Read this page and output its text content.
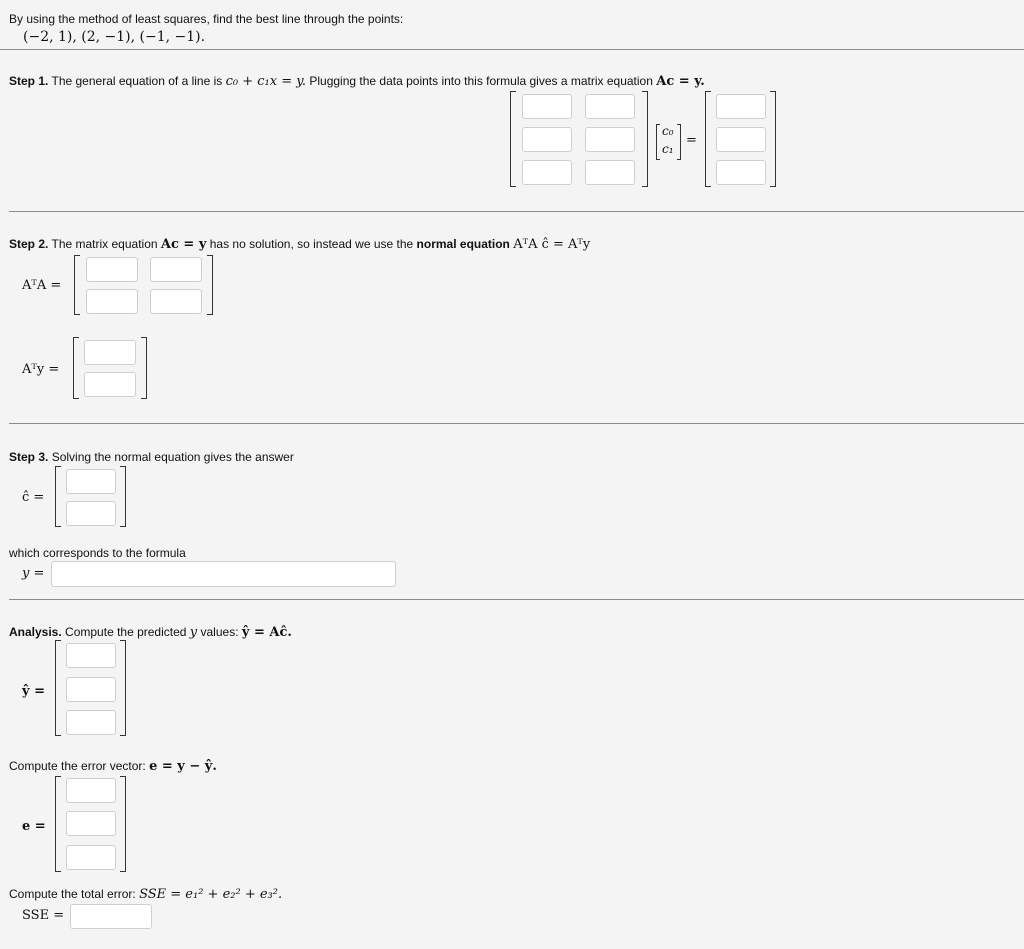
By using the method of least squares, find the best line through the points:
(−2, 1), (2, −1), (−1, −1).
Step 1. The general equation of a line is c₀ + c₁x = y. Plugging the data points into this formula gives a matrix equation Ac = y.
c₀
c₁
=
Step 2. The matrix equation Ac = y has no solution, so instead we use the normal equation AᵀA ĉ = Aᵀy
AᵀA =
Aᵀy =
Step 3. Solving the normal equation gives the answer
ĉ =
which corresponds to the formula
y =
Analysis. Compute the predicted y values: ŷ = Aĉ.
ŷ =
Compute the error vector: e = y − ŷ.
e =
Compute the total error: SSE = e₁² + e₂² + e₃².
SSE =
